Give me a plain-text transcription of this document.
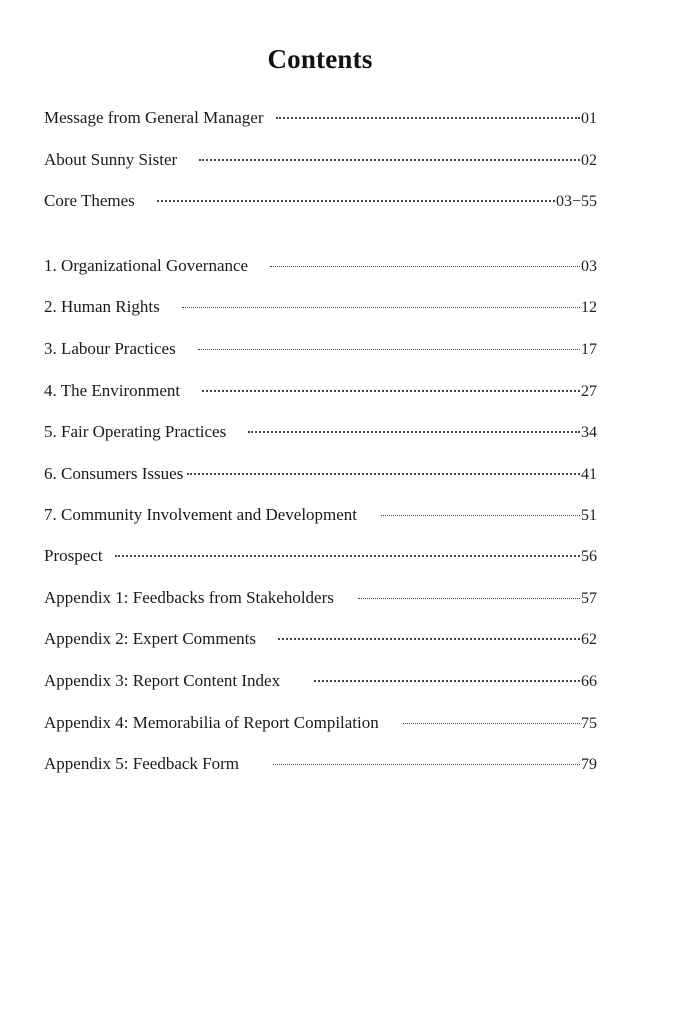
Contents
Message from General Manager	01
About Sunny Sister	02
Core Themes	03−55
1. Organizational Governance	03
2. Human Rights	12
3. Labour Practices	17
4. The Environment	27
5. Fair Operating Practices	34
6. Consumers Issues	41
7. Community Involvement and Development	51
Prospect	56
Appendix 1: Feedbacks from Stakeholders	57
Appendix 2: Expert Comments	62
Appendix 3: Report Content Index	66
Appendix 4: Memorabilia of Report Compilation	75
Appendix 5: Feedback Form	79
